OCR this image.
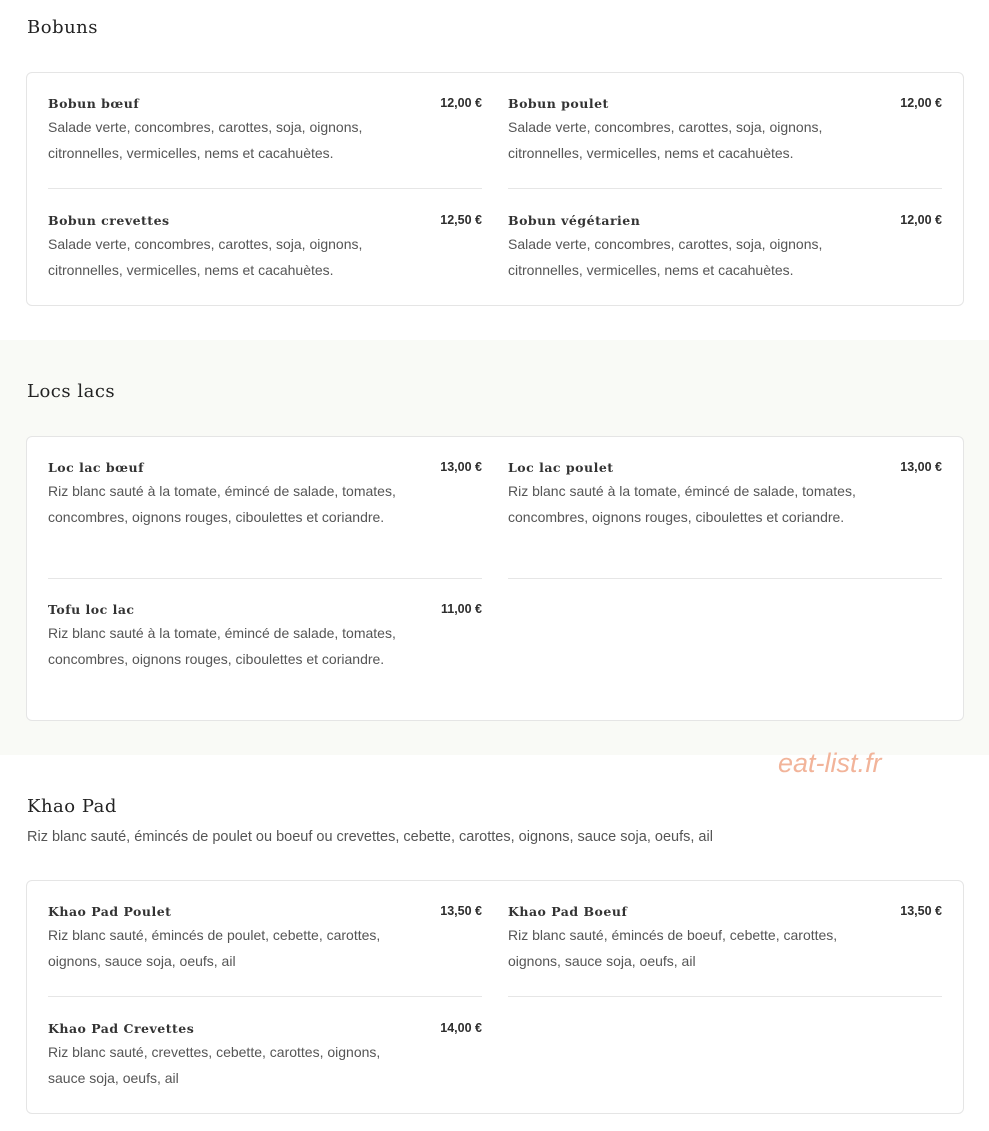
Bobuns
Bobun bœuf	12,00 €

Salade verte, concombres, carottes, soja, oignons, citronnelles, vermicelles, nems et cacahuètes.

Bobun poulet	12,00 €

Salade verte, concombres, carottes, soja, oignons, citronnelles, vermicelles, nems et cacahuètes.

Bobun crevettes	12,50 €

Salade verte, concombres, carottes, soja, oignons, citronnelles, vermicelles, nems et cacahuètes.

Bobun végétarien	12,00 €

Salade verte, concombres, carottes, soja, oignons, citronnelles, vermicelles, nems et cacahuètes.

Locs lacs
Loc lac bœuf	13,00 €

Riz blanc sauté à la tomate, émincé de salade, tomates, concombres, oignons rouges, ciboulettes et coriandre.

Loc lac poulet	13,00 €

Riz blanc sauté à la tomate, émincé de salade, tomates, concombres, oignons rouges, ciboulettes et coriandre.

Tofu loc lac	11,00 €

Riz blanc sauté à la tomate, émincé de salade, tomates, concombres, oignons rouges, ciboulettes et coriandre.

eat-list.fr
Khao Pad

Riz blanc sauté, émincés de poulet ou boeuf ou crevettes, cebette, carottes, oignons, sauce soja, oeufs, ail

Khao Pad Poulet	13,50 €

Riz blanc sauté, émincés de poulet, cebette, carottes, oignons, sauce soja, oeufs, ail

Khao Pad Boeuf	13,50 €

Riz blanc sauté, émincés de boeuf, cebette, carottes, oignons, sauce soja, oeufs, ail

Khao Pad Crevettes	14,00 €

Riz blanc sauté, crevettes, cebette, carottes, oignons, sauce soja, oeufs, ail
